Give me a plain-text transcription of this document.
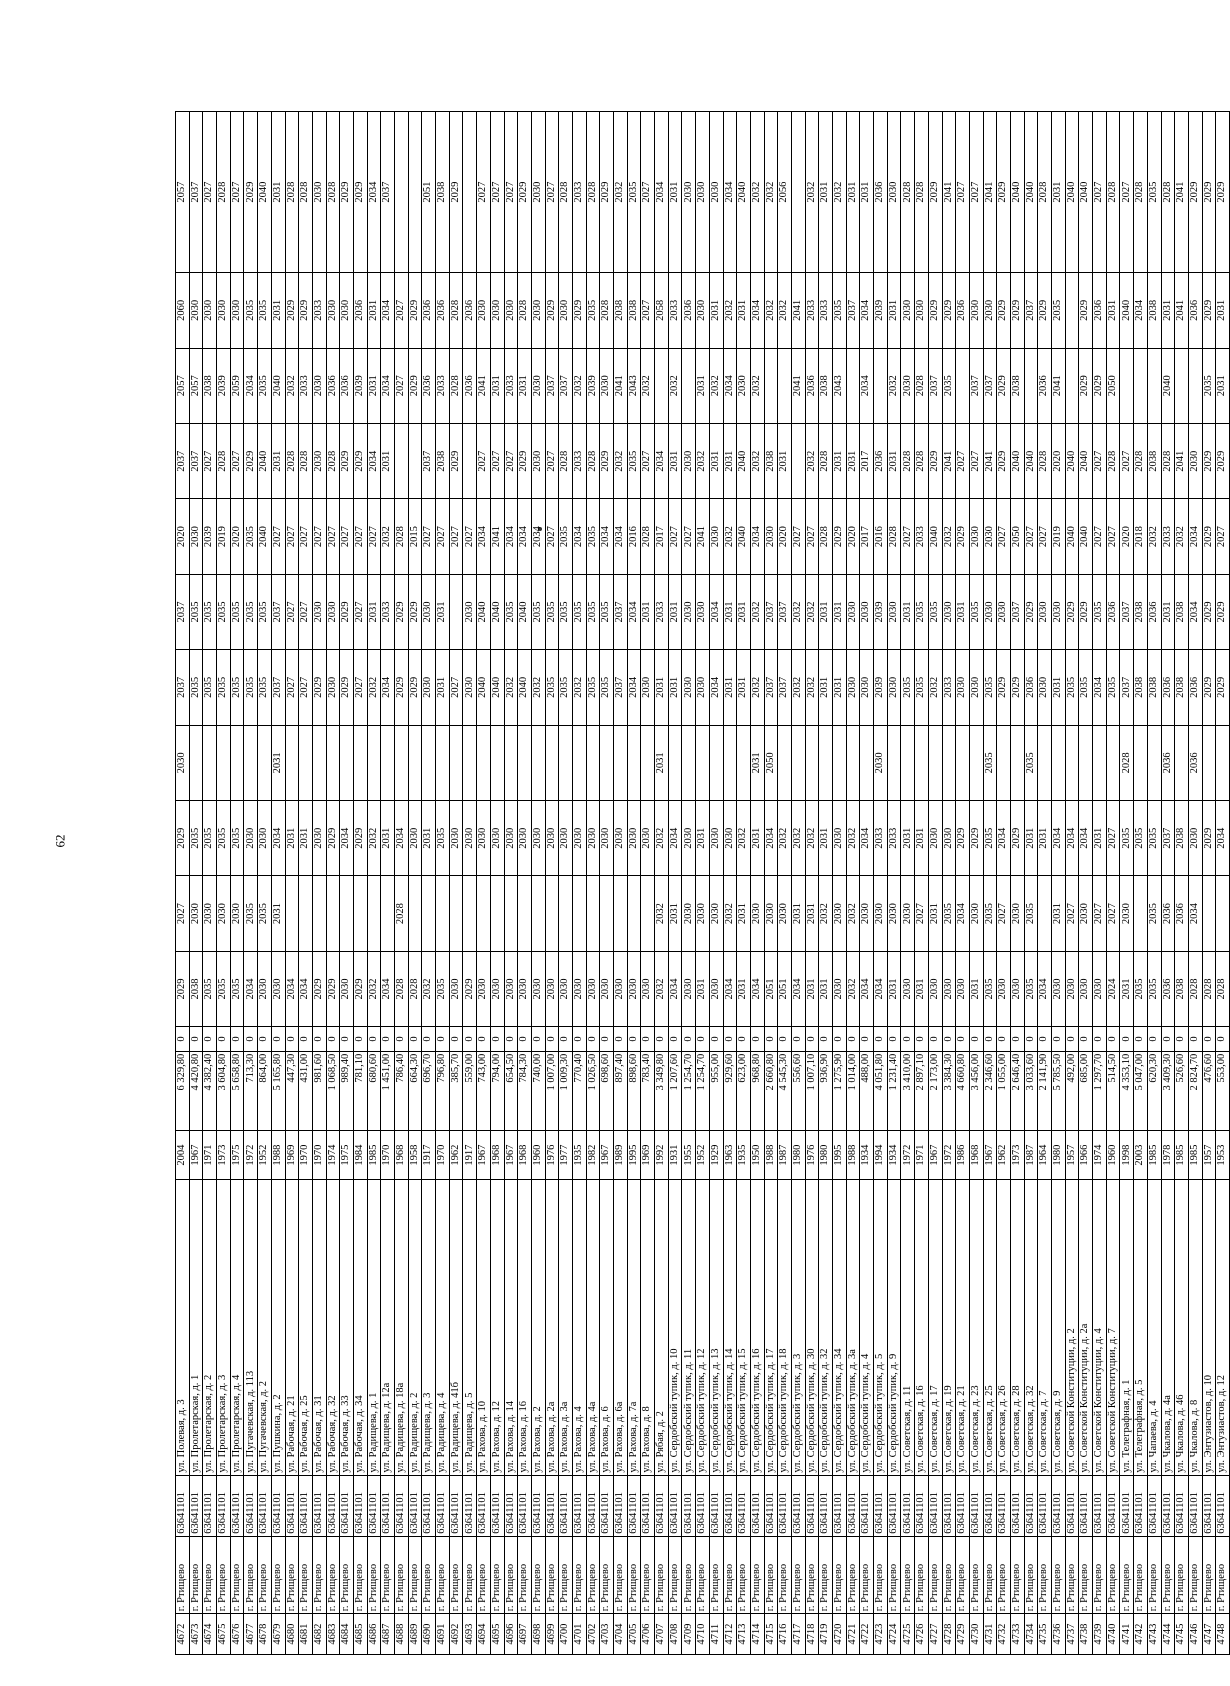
62
4672	г. Ртищево	63641101	ул. Полевая, д. 3	2004	6 329,80	0	2029	2027	2029	2030	2037	2037	2020	2037	2057	2060	2057
4673	г. Ртищево	63641101	ул. Пролетарская, д. 1	1967	4 420,80	0	2038	2030	2035		2035	2035	2030	2037	2057	2030	2037
4674	г. Ртищево	63641101	ул. Пролетарская, д. 2	1971	4 382,40	0	2035	2030	2035		2035	2035	2039	2027	2038	2030	2027
4675	г. Ртищево	63641101	ул. Пролетарская, д. 3	1973	3 604,80	0	2035	2030	2035		2035	2035	2019	2028	2039	2030	2028
4676	г. Ртищево	63641101	ул. Пролетарская, д. 4	1975	5 658,80	0	2035	2030	2035		2035	2035	2020	2027	2059	2030	2027
4677	г. Ртищево	63641101	ул. Пугачевская, д. 113	1972	713,30	0	2034	2035	2030		2035	2035	2035	2029	2034	2035	2029
4678	г. Ртищево	63641101	ул. Пугачевская, д. 2	1952	864,00	0	2030	2035	2030		2035	2035	2040	2040	2035	2035	2040
4679	г. Ртищево	63641101	ул. Пушкина, д. 2	1988	5 165,80	0	2030	2031	2034	2031	2037	2037	2027	2031	2040	2031	2031
4680	г. Ртищево	63641101	ул. Рабочая, д. 21	1969	447,30	0	2034		2031		2027	2027	2027	2028	2032	2029	2028
4681	г. Ртищево	63641101	ул. Рабочая, д. 25	1970	431,00	0	2034		2031		2027	2027	2027	2028	2033	2029	2028
4682	г. Ртищево	63641101	ул. Рабочая, д. 31	1970	981,60	0	2029		2030		2029	2030	2027	2030	2030	2033	2030
4683	г. Ртищево	63641101	ул. Рабочая, д. 32	1974	1 068,50	0	2029		2029		2030	2030	2027	2028	2036	2030	2028
4684	г. Ртищево	63641101	ул. Рабочая, д. 33	1975	989,40	0	2030		2034		2029	2029	2027	2029	2036	2030	2029
4685	г. Ртищево	63641101	ул. Рабочая, д. 34	1984	781,10	0	2029		2029		2027	2027	2027	2029	2039	2036	2029
4686	г. Ртищево	63641101	ул. Радищева, д. 1	1985	680,60	0	2032		2032		2032	2031	2027	2034	2031	2031	2034
4687	г. Ртищево	63641101	ул. Радищева, д. 12а	1970	1 451,00	0	2034		2031		2034	2033	2032	2031	2034	2034	2037
4688	г. Ртищево	63641101	ул. Радищева, д. 18а	1968	786,40	0	2028	2028	2034		2029	2029	2028		2027	2027	
4689	г. Ртищево	63641101	ул. Радищева, д. 2	1958	664,30	0	2028		2030		2029	2029	2015		2029	2029	
4690	г. Ртищево	63641101	ул. Радищева, д. 3	1917	696,70	0	2032		2031		2030	2030	2027	2037	2036	2036	2051
4691	г. Ртищево	63641101	ул. Радищева, д. 4	1970	796,80	0	2035		2035		2031	2031	2027	2038	2033	2036	2038
4692	г. Ртищево	63641101	ул. Радищева, д. 41б	1962	385,70	0	2030		2030		2027		2027	2029	2028	2028	2029
4693	г. Ртищево	63641101	ул. Радищева, д. 5	1917	559,00	0	2029		2030		2030	2030	2027		2036	2036	
4694	г. Ртищево	63641101	ул. Рахова, д. 10	1967	743,00	0	2030		2030		2040	2040	2034	2027	2041	2030	2027
4695	г. Ртищево	63641101	ул. Рахова, д. 12	1968	794,00	0	2030		2030		2040	2040	2041	2027	2031	2030	2027
4696	г. Ртищево	63641101	ул. Рахова, д. 14	1967	654,50	0	2030		2030		2032	2035	2034	2027	2033	2030	2027
4697	г. Ртищево	63641101	ул. Рахова, д. 16	1968	784,30	0	2030		2030		2040	2040	2034	2029	2031	2028	2029
4698	г. Ртищево	63641101	ул. Рахова, д. 2	1960	740,00	0	2030		2030		2032	2035	2034	2030	2030	2030	2030
4699	г. Ртищево	63641101	ул. Рахова, д. 2а	1976	1 007,00	0	2030		2030		2035	2035	2027	2027	2037	2029	2027
4700	г. Ртищево	63641101	ул. Рахова, д. 3а	1977	1 009,30	0	2030		2030		2035	2035	2035	2028	2037	2030	2028
4701	г. Ртищево	63641101	ул. Рахова, д. 4	1935	770,40	0	2030		2030		2032	2035	2034	2033	2032	2029	2033
4702	г. Ртищево	63641101	ул. Рахова, д. 4а	1982	1 026,50	0	2030		2030		2035	2035	2035	2028	2039	2035	2028
4703	г. Ртищево	63641101	ул. Рахова, д. 6	1967	698,60	0	2030		2030		2035	2035	2034	2029	2030	2028	2029
4704	г. Ртищево	63641101	ул. Рахова, д. 6а	1989	897,40	0	2030		2030		2037	2037	2034	2032	2041	2038	2032
4705	г. Ртищево	63641101	ул. Рахова, д. 7а	1995	898,60	0	2030		2030		2034	2034	2016	2035	2043	2038	2035
4706	г. Ртищево	63641101	ул. Рахова, д. 8	1969	783,40	0	2030		2030		2030	2031	2028	2027	2032	2027	2027
4707	г. Ртищево	63641101	ул. Рябая, д. 2	1992	3 349,80	0	2032	2032	2032	2031	2031	2033	2017	2034		2058	2034
4708	г. Ртищево	63641101	ул. Сердобский тупик, д. 10	1931	1 207,60	0	2034	2031	2034		2031	2031	2027	2031	2032	2033	2031
4709	г. Ртищево	63641101	ул. Сердобский тупик, д. 11	1955	1 254,70	0	2030	2030	2030		2030	2030	2027	2030		2036	2030
4710	г. Ртищево	63641101	ул. Сердобский тупик, д. 12	1952	1 254,70	0	2031	2030	2031		2030	2030	2041	2032	2031	2030	2030
4711	г. Ртищево	63641101	ул. Сердобский тупик, д. 13	1929	955,00	0	2030	2030	2030		2034	2034	2030	2031	2032	2031	2030
4712	г. Ртищево	63641101	ул. Сердобский тупик, д. 14	1963	929,60	0	2034	2032	2030		2031	2031	2032	2031	2034	2032	2034
4713	г. Ртищево	63641101	ул. Сердобский тупик, д. 15	1935	623,00	0	2031	2031	2032		2031	2031	2040	2040	2030	2031	2040
4714	г. Ртищево	63641101	ул. Сердобский тупик, д. 16	1950	968,80	0	2034	2030	2031	2031	2032	2032	2034	2032	2032	2034	2032
4715	г. Ртищево	63641101	ул. Сердобский тупик, д. 17	1988	2 660,80	0	2051	2030	2034	2050	2037	2037	2030	2038		2032	2032
4716	г. Ртищево	63641101	ул. Сердобский тупик, д. 18	1987	4 545,30	0	2051	2030	2032		2037	2037	2020	2031		2032	2056
4717	г. Ртищево	63641101	ул. Сердобский тупик, д. 3	1980	556,60	0	2034	2031	2032		2032	2032	2027		2041	2041	
4718	г. Ртищево	63641101	ул. Сердобский тупик, д. 30	1976	1 007,10	0	2031	2031	2032		2032	2032	2027	2032	2036	2033	2032
4719	г. Ртищево	63641101	ул. Сердобский тупик, д. 32	1980	936,90	0	2031	2032	2031		2031	2031	2028	2028	2038	2033	2031
4720	г. Ртищево	63641101	ул. Сердобский тупик, д. 34	1995	1 275,90	0	2030	2030	2030		2031	2031	2029	2031	2043	2035	2032
4721	г. Ртищево	63641101	ул. Сердобский тупик, д. 3а	1988	1 014,00	0	2032	2032	2032		2030	2030	2020	2031		2037	2031
4722	г. Ртищево	63641101	ул. Сердобский тупик, д. 4	1934	488,00	0	2034	2030	2034		2030	2030	2017	2017	2034	2034	2031
4723	г. Ртищево	63641101	ул. Сердобский тупик, д. 5	1994	4 051,80	0	2034	2030	2033	2030	2039	2039	2016	2036		2039	2036
4724	г. Ртищево	63641101	ул. Сердобский тупик, д. 9	1934	1 231,40	0	2031	2030	2033		2030	2030	2028	2031	2032	2031	2030
4725	г. Ртищево	63641101	ул. Советская, д. 11	1972	3 410,00	0	2030	2030	2031		2035	2031	2027	2028	2030	2030	2028
4726	г. Ртищево	63641101	ул. Советская, д. 16	1971	2 897,10	0	2031	2027	2031		2035	2035	2033	2028	2028	2030	2028
4727	г. Ртищево	63641101	ул. Советская, д. 17	1967	2 173,00	0	2030	2031	2030		2032	2035	2040	2029	2037	2029	2029
4728	г. Ртищево	63641101	ул. Советская, д. 19	1972	3 384,30	0	2030	2035	2030		2033	2030	2032	2041	2035	2029	2041
4729	г. Ртищево	63641101	ул. Советская, д. 21	1986	4 660,80	0	2030	2034	2029		2030	2031	2029	2027		2036	2027
4730	г. Ртищево	63641101	ул. Советская, д. 23	1968	3 456,00	0	2031	2030	2029		2030	2035	2030	2027	2037	2030	2027
4731	г. Ртищево	63641101	ул. Советская, д. 25	1967	2 346,60	0	2035	2035	2035	2035	2035	2030	2030	2041	2037	2030	2041
4732	г. Ртищево	63641101	ул. Советская, д. 26	1962	1 055,00	0	2030	2027	2034		2029	2030	2027	2029	2029	2029	2029
4733	г. Ртищево	63641101	ул. Советская, д. 28	1973	2 646,40	0	2030	2030	2029		2029	2037	2050	2040	2038	2029	2040
4734	г. Ртищево	63641101	ул. Советская, д. 32	1987	3 033,60	0	2035	2035	2031	2035	2036	2029	2027	2040		2037	2040
4735	г. Ртищево	63641101	ул. Советская, д. 7	1964	2 141,90	0	2034		2031		2030	2030	2027	2028	2036	2029	2028
4736	г. Ртищево	63641101	ул. Советская, д. 9	1980	5 785,50	0	2030	2031	2034		2031	2030	2019	2020	2041	2035	2031
4737	г. Ртищево	63641101	ул. Советской Конституции, д. 2	1957	492,00	0	2030	2027	2034		2035	2029	2040	2040			2040
4738	г. Ртищево	63641101	ул. Советской Конституции, д. 2а	1966	685,00	0	2030	2030	2034		2035	2029	2040	2040	2029	2029	2040
4739	г. Ртищево	63641101	ул. Советской Конституции, д. 4	1974	1 297,70	0	2030	2027	2031		2034	2035	2027	2027	2029	2036	2027
4740	г. Ртищево	63641101	ул. Советской Конституции, д. 7	1960	514,50	0	2024	2027	2027		2035	2036	2027	2028	2050	2031	2028
4741	г. Ртищево	63641101	ул. Телеграфная, д. 1	1998	4 353,10	0	2031	2030	2035	2028	2037	2037	2020	2027		2040	2027
4742	г. Ртищево	63641101	ул. Телеграфная, д. 5	2003	5 047,00	0	2035		2035		2038	2038	2018	2028		2034	2028
4743	г. Ртищево	63641101	ул. Чапаева, д. 4	1985	620,30	0	2035	2035	2035		2038	2036	2032	2038		2038	2035
4744	г. Ртищево	63641101	ул. Чкалова, д. 4а	1978	3 409,30	0	2036	2036	2037	2036	2036	2031	2033	2028	2040	2031	2028
4745	г. Ртищево	63641101	ул. Чкалова, д. 46	1985	526,60	0	2038	2036	2038		2038	2038	2032	2041		2041	2041
4746	г. Ртищево	63641101	ул. Чкалова, д. 8	1985	2 824,70	0	2028	2034	2030	2036	2036	2034	2034	2030		2036	2029
4747	г. Ртищево	63641101	ул. Энтузиастов, д. 10	1957	476,60	0	2028		2029		2029	2029	2029	2029	2035	2029	2029
4748	г. Ртищево	63641101	ул. Энтузиастов, д. 12	1953	553,00	0	2028		2034		2029	2029	2027	2029	2031	2031	2029
